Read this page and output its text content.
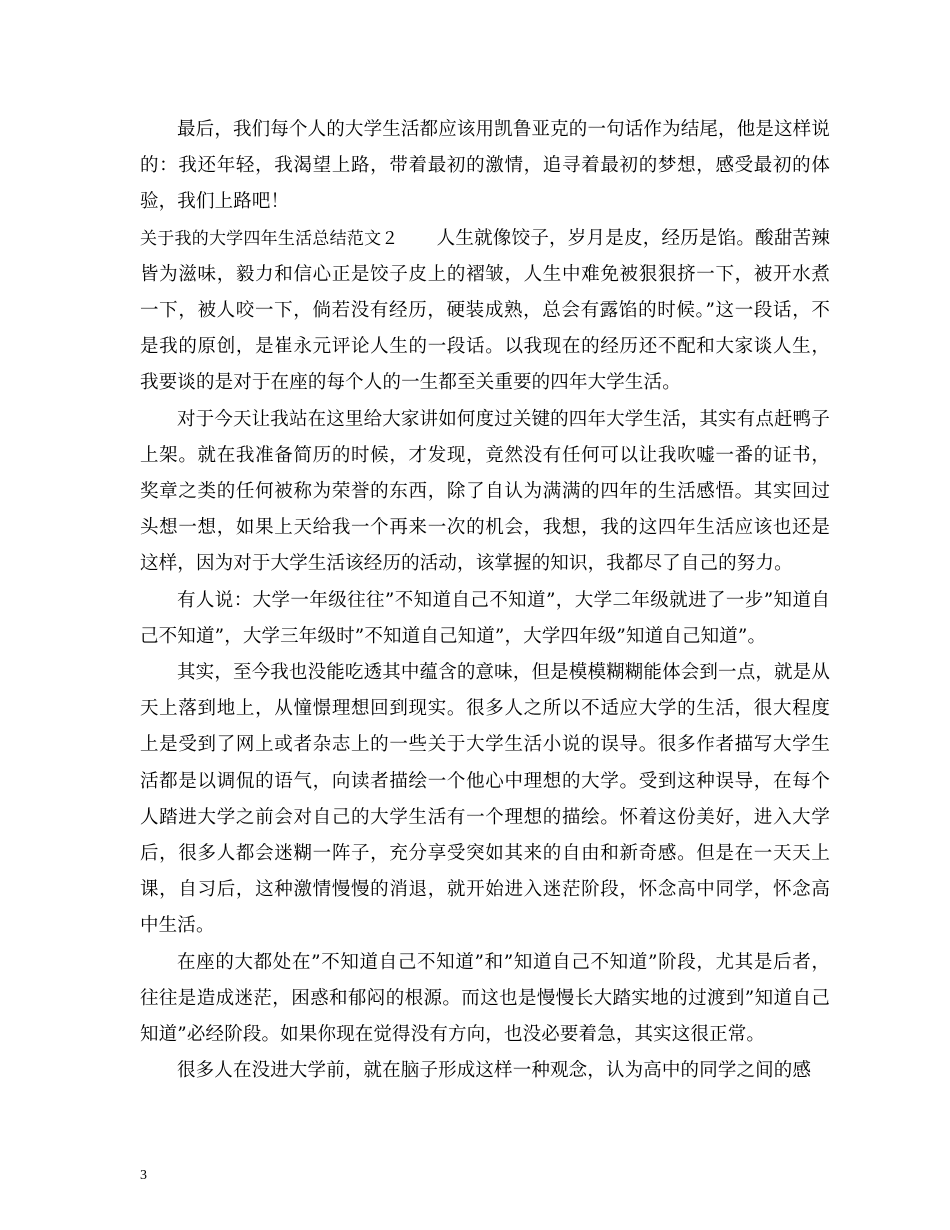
最后，我们每个人的大学生活都应该用凯鲁亚克的一句话作为结尾，他是这样说的：我还年轻，我渴望上路，带着最初的激情，追寻着最初的梦想，感受最初的体验，我们上路吧！

关于我的大学四年生活总结范文２ 人生就像饺子，岁月是皮，经历是馅。酸甜苦辣皆为滋味，毅力和信心正是饺子皮上的褶皱，人生中难免被狠狠挤一下，被开水煮一下，被人咬一下，倘若没有经历，硬装成熟，总会有露馅的时候。”这一段话，不是我的原创，是崔永元评论人生的一段话。以我现在的经历还不配和大家谈人生，我要谈的是对于在座的每个人的一生都至关重要的四年大学生活。

对于今天让我站在这里给大家讲如何度过关键的四年大学生活，其实有点赶鸭子上架。就在我准备简历的时候，才发现，竟然没有任何可以让我吹嘘一番的证书，奖章之类的任何被称为荣誉的东西，除了自认为满满的四年的生活感悟。其实回过头想一想，如果上天给我一个再来一次的机会，我想，我的这四年生活应该也还是这样，因为对于大学生活该经历的活动，该掌握的知识，我都尽了自己的努力。

有人说：大学一年级往往”不知道自己不知道”，大学二年级就进了一步”知道自己不知道”，大学三年级时”不知道自己知道”，大学四年级”知道自己知道”。

其实，至今我也没能吃透其中蕴含的意味，但是模模糊糊能体会到一点，就是从天上落到地上，从憧憬理想回到现实。很多人之所以不适应大学的生活，很大程度上是受到了网上或者杂志上的一些关于大学生活小说的误导。很多作者描写大学生活都是以调侃的语气，向读者描绘一个他心中理想的大学。受到这种误导，在每个人踏进大学之前会对自己的大学生活有一个理想的描绘。怀着这份美好，进入大学后，很多人都会迷糊一阵子，充分享受突如其来的自由和新奇感。但是在一天天上课，自习后，这种激情慢慢的消退，就开始进入迷茫阶段，怀念高中同学，怀念高中生活。

在座的大都处在”不知道自己不知道”和”知道自己不知道”阶段，尤其是后者，往往是造成迷茫，困惑和郁闷的根源。而这也是慢慢长大踏实地的过渡到”知道自己知道”必经阶段。如果你现在觉得没有方向，也没必要着急，其实这很正常。

很多人在没进大学前，就在脑子形成这样一种观念，认为高中的同学之间的感

3
